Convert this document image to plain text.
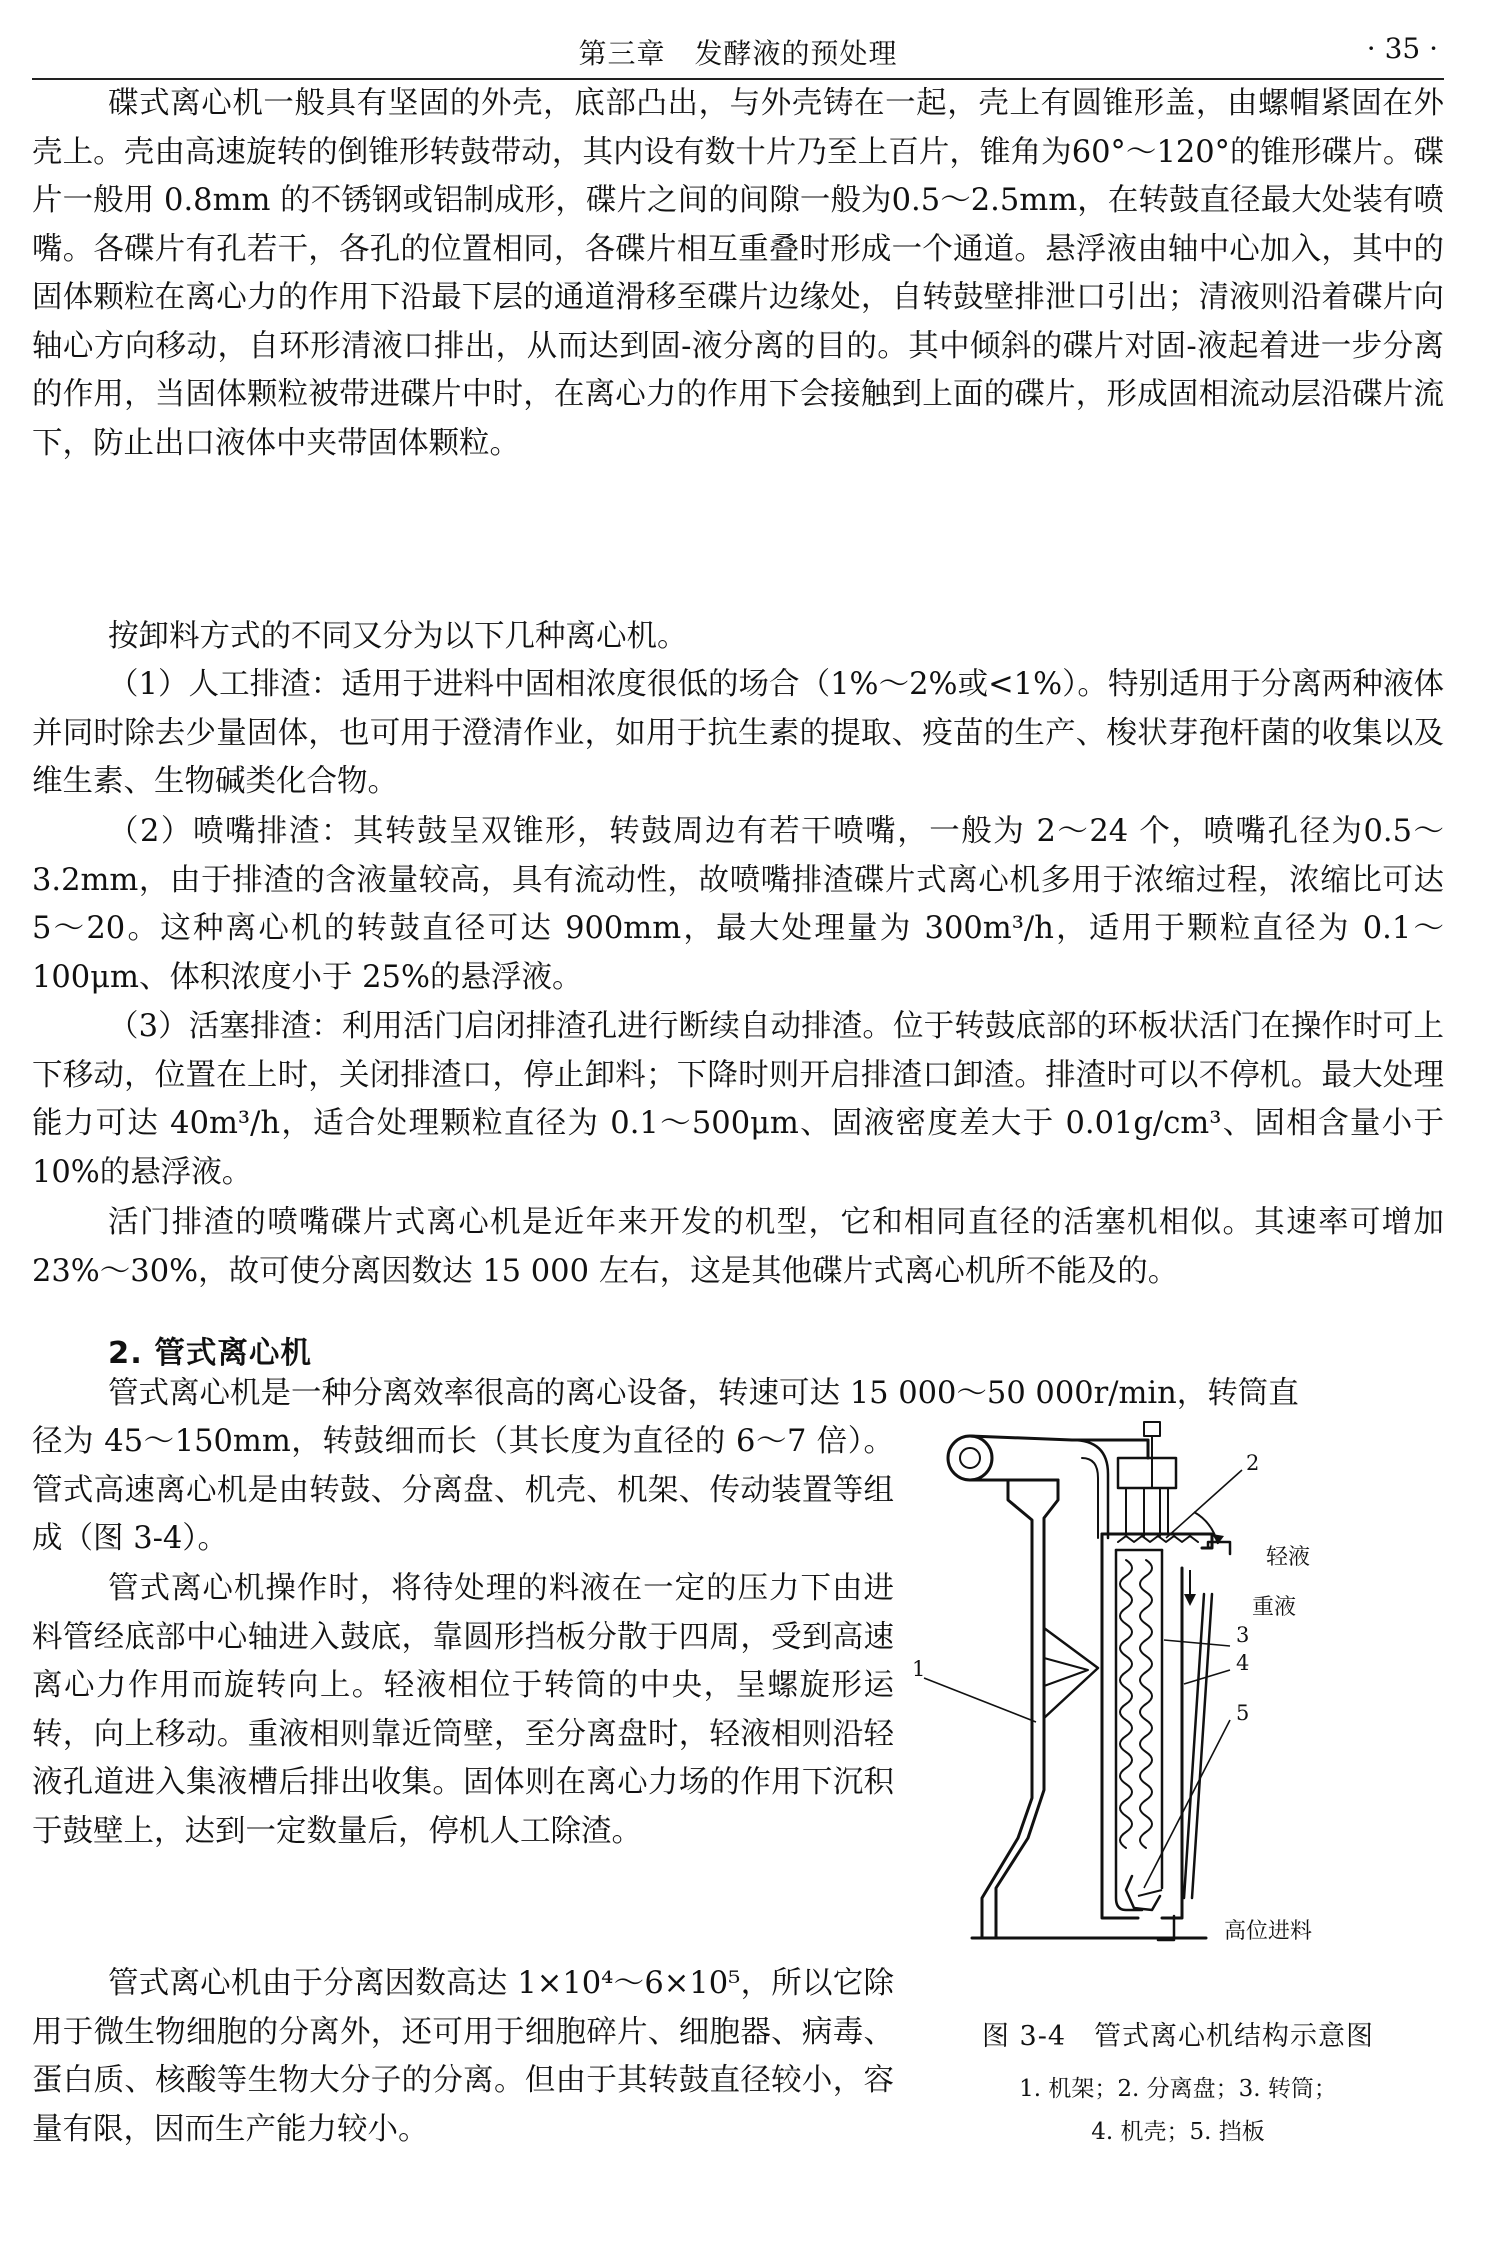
第三章　发酵液的预处理	· 35 ·

碟式离心机一般具有坚固的外壳，底部凸出，与外壳铸在一起，壳上有圆锥形盖，由螺帽紧固在外壳上。壳由高速旋转的倒锥形转鼓带动，其内设有数十片乃至上百片，锥角为60°～120°的锥形碟片。碟片一般用 0.8mm 的不锈钢或铝制成形，碟片之间的间隙一般为0.5～2.5mm，在转鼓直径最大处装有喷嘴。各碟片有孔若干，各孔的位置相同，各碟片相互重叠时形成一个通道。悬浮液由轴中心加入，其中的固体颗粒在离心力的作用下沿最下层的通道滑移至碟片边缘处，自转鼓壁排泄口引出；清液则沿着碟片向轴心方向移动，自环形清液口排出，从而达到固-液分离的目的。其中倾斜的碟片对固-液起着进一步分离的作用，当固体颗粒被带进碟片中时，在离心力的作用下会接触到上面的碟片，形成固相流动层沿碟片流下，防止出口液体中夹带固体颗粒。

按卸料方式的不同又分为以下几种离心机。

（1）人工排渣：适用于进料中固相浓度很低的场合（1%～2%或<1%）。特别适用于分离两种液体并同时除去少量固体，也可用于澄清作业，如用于抗生素的提取、疫苗的生产、梭状芽孢杆菌的收集以及维生素、生物碱类化合物。

（2）喷嘴排渣：其转鼓呈双锥形，转鼓周边有若干喷嘴，一般为 2～24 个，喷嘴孔径为0.5～3.2mm，由于排渣的含液量较高，具有流动性，故喷嘴排渣碟片式离心机多用于浓缩过程，浓缩比可达 5～20。这种离心机的转鼓直径可达 900mm，最大处理量为 300m³/h，适用于颗粒直径为 0.1～100μm、体积浓度小于 25%的悬浮液。

（3）活塞排渣：利用活门启闭排渣孔进行断续自动排渣。位于转鼓底部的环板状活门在操作时可上下移动，位置在上时，关闭排渣口，停止卸料；下降时则开启排渣口卸渣。排渣时可以不停机。最大处理能力可达 40m³/h，适合处理颗粒直径为 0.1～500μm、固液密度差大于 0.01g/cm³、固相含量小于 10%的悬浮液。

活门排渣的喷嘴碟片式离心机是近年来开发的机型，它和相同直径的活塞机相似。其速率可增加 23%～30%，故可使分离因数达 15 000 左右，这是其他碟片式离心机所不能及的。

2. 管式离心机

管式离心机是一种分离效率很高的离心设备，转速可达 15 000～50 000r/min，转筒直

径为 45～150mm，转鼓细而长（其长度为直径的 6～7 倍）。管式高速离心机是由转鼓、分离盘、机壳、机架、传动装置等组成（图 3-4）。

管式离心机操作时，将待处理的料液在一定的压力下由进料管经底部中心轴进入鼓底，靠圆形挡板分散于四周，受到高速离心力作用而旋转向上。轻液相位于转筒的中央，呈螺旋形运转，向上移动。重液相则靠近筒壁，至分离盘时，轻液相则沿轻液孔道进入集液槽后排出收集。固体则在离心力场的作用下沉积于鼓壁上，达到一定数量后，停机人工除渣。

管式离心机由于分离因数高达 1×10⁴～6×10⁵，所以它除用于微生物细胞的分离外，还可用于细胞碎片、细胞器、病毒、蛋白质、核酸等生物大分子的分离。但由于其转鼓直径较小，容量有限，因而生产能力较小。

2
1
3
4
5
轻液
重液
高位进料
图 3-4　管式离心机结构示意图
1. 机架；2. 分离盘；3. 转筒；
4. 机壳；5. 挡板
